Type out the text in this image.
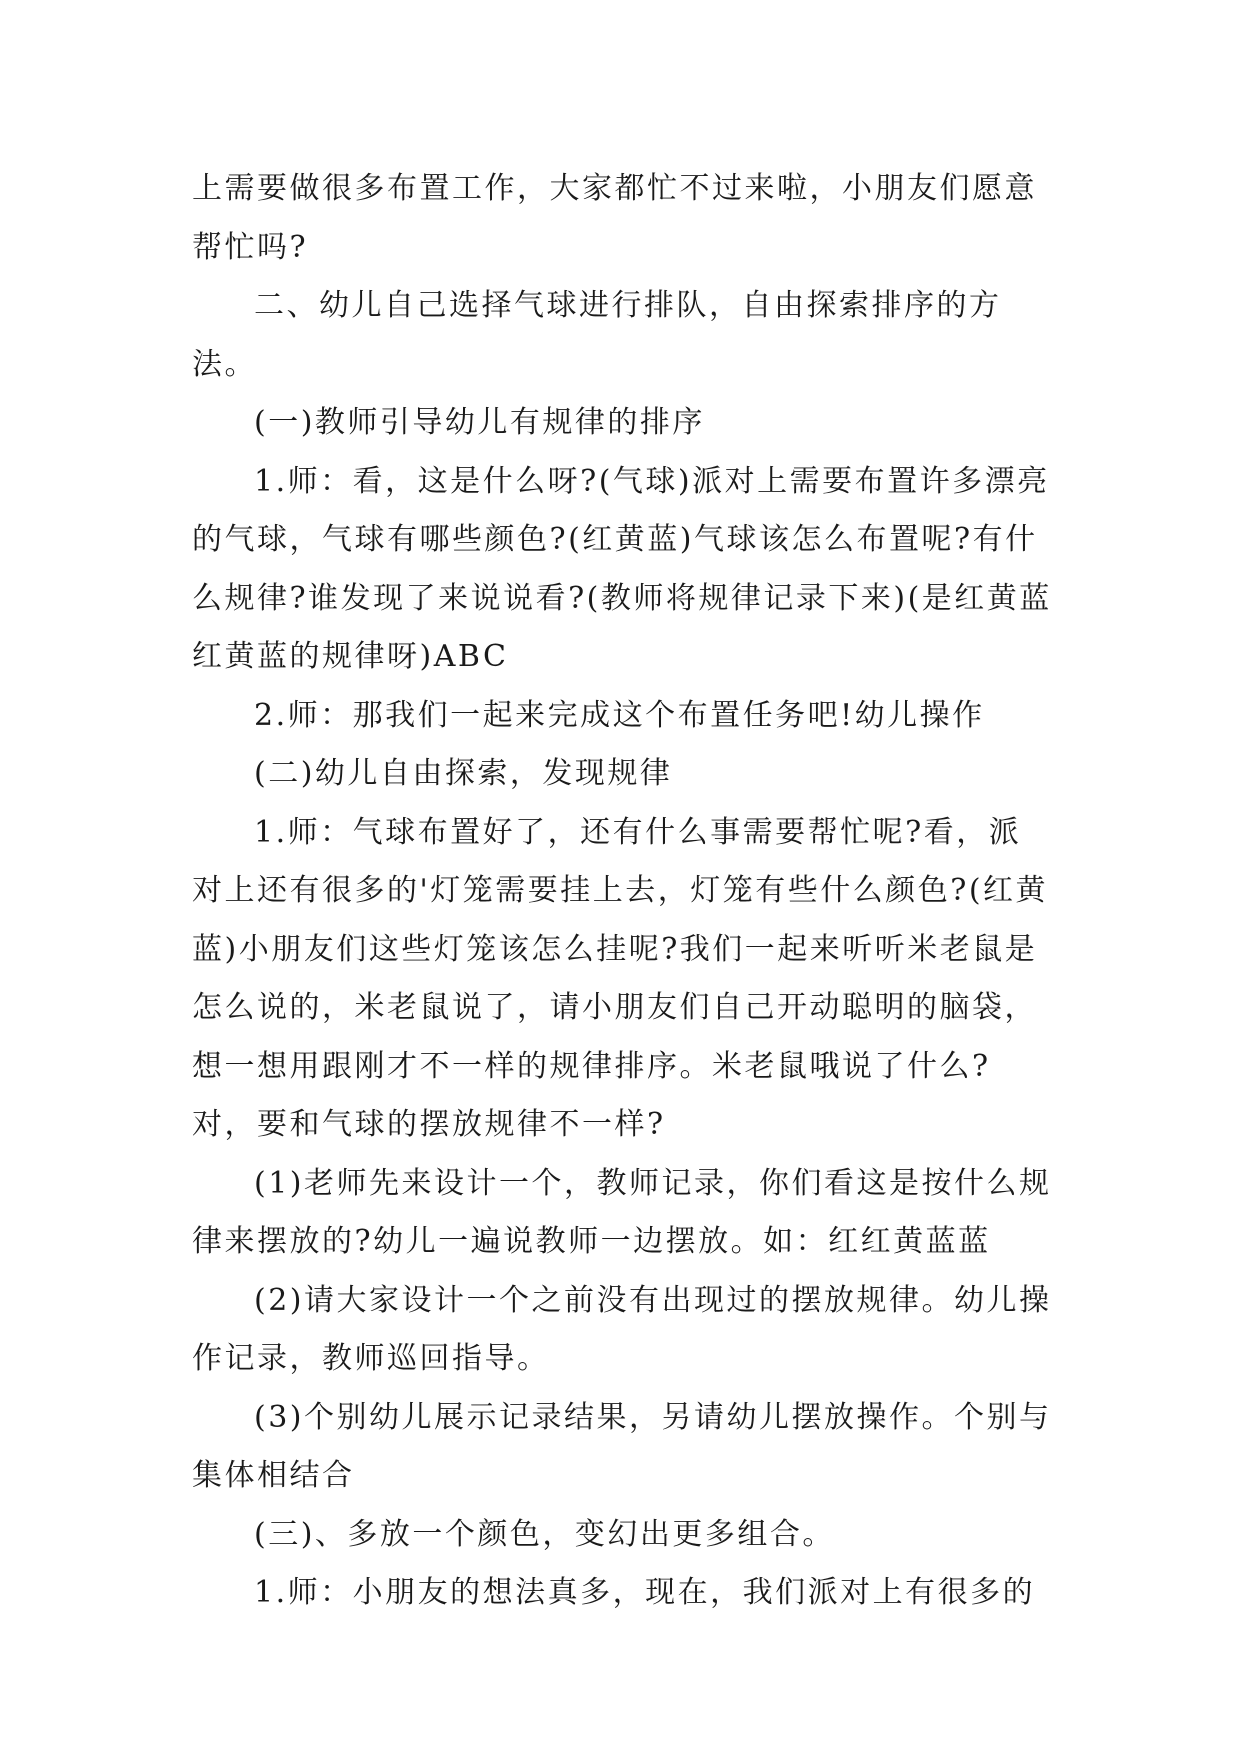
上需要做很多布置工作，大家都忙不过来啦，小朋友们愿意帮忙吗?

二、幼儿自己选择气球进行排队，自由探索排序的方法。

(一)教师引导幼儿有规律的排序

1.师：看，这是什么呀?(气球)派对上需要布置许多漂亮的气球，气球有哪些颜色?(红黄蓝)气球该怎么布置呢?有什么规律?谁发现了来说说看?(教师将规律记录下来)(是红黄蓝红黄蓝的规律呀)ABC

2.师：那我们一起来完成这个布置任务吧!幼儿操作

(二)幼儿自由探索，发现规律

1.师：气球布置好了，还有什么事需要帮忙呢?看，派对上还有很多的'灯笼需要挂上去，灯笼有些什么颜色?(红黄蓝)小朋友们这些灯笼该怎么挂呢?我们一起来听听米老鼠是怎么说的，米老鼠说了，请小朋友们自己开动聪明的脑袋，想一想用跟刚才不一样的规律排序。米老鼠哦说了什么?对，要和气球的摆放规律不一样?

(1)老师先来设计一个，教师记录，你们看这是按什么规律来摆放的?幼儿一遍说教师一边摆放。如：红红黄蓝蓝

(2)请大家设计一个之前没有出现过的摆放规律。幼儿操作记录，教师巡回指导。

(3)个别幼儿展示记录结果，另请幼儿摆放操作。个别与集体相结合

(三)、多放一个颜色，变幻出更多组合。

1.师：小朋友的想法真多，现在，我们派对上有很多的
